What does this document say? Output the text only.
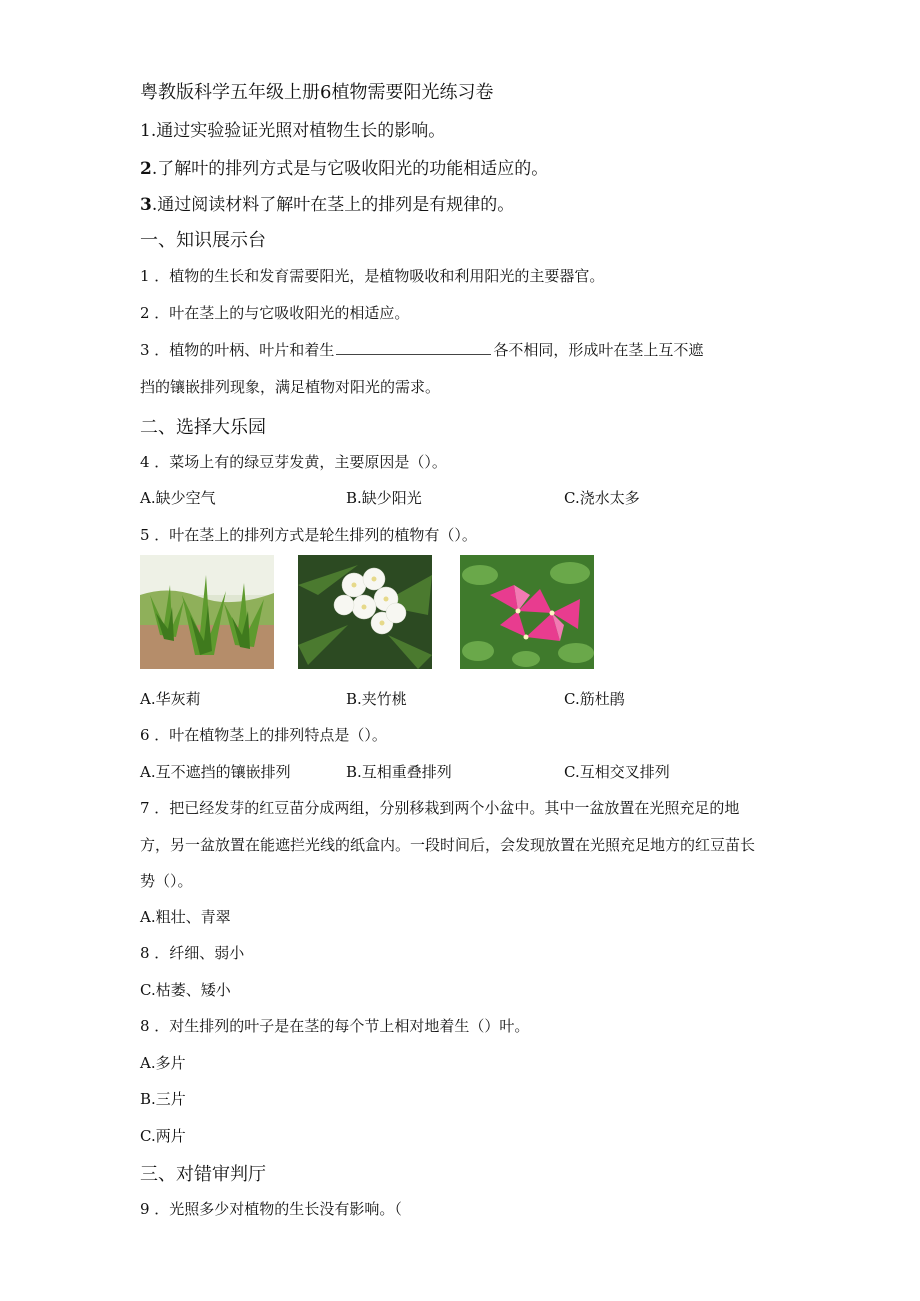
粤教版科学五年级上册6植物需要阳光练习卷
1.通过实验验证光照对植物生长的影响。
2.了解叶的排列方式是与它吸收阳光的功能相适应的。
3.通过阅读材料了解叶在茎上的排列是有规律的。
一、知识展示台
1 ．植物的生长和发育需要阳光，是植物吸收和利用阳光的主要器官。
2 ．叶在茎上的与它吸收阳光的相适应。
3 ．植物的叶柄、叶片和着生	各不相同，形成叶在茎上互不遮
挡的镶嵌排列现象，满足植物对阳光的需求。
二、选择大乐园
4 ．菜场上有的绿豆芽发黄，主要原因是（）。
A.缺少空气	B.缺少阳光	C.浇水太多
5 ．叶在茎上的排列方式是轮生排列的植物有（）。
A.华灰莉	B.夹竹桃	C.筋杜鹃
6 ．叶在植物茎上的排列特点是（）。
A.互不遮挡的镶嵌排列	B.互相重叠排列	C.互相交叉排列
7 ．把已经发芽的红豆苗分成两组，分别移栽到两个小盆中。其中一盆放置在光照充足的地
方，另一盆放置在能遮拦光线的纸盒内。一段时间后，会发现放置在光照充足地方的红豆苗长
势（）。
A.粗壮、青翠
8 ．纤细、弱小
C.枯萎、矮小
8 ．对生排列的叶子是在茎的每个节上相对地着生（）叶。
A.多片
B.三片
C.两片
三、对错审判厅
9 ．光照多少对植物的生长没有影响。（
